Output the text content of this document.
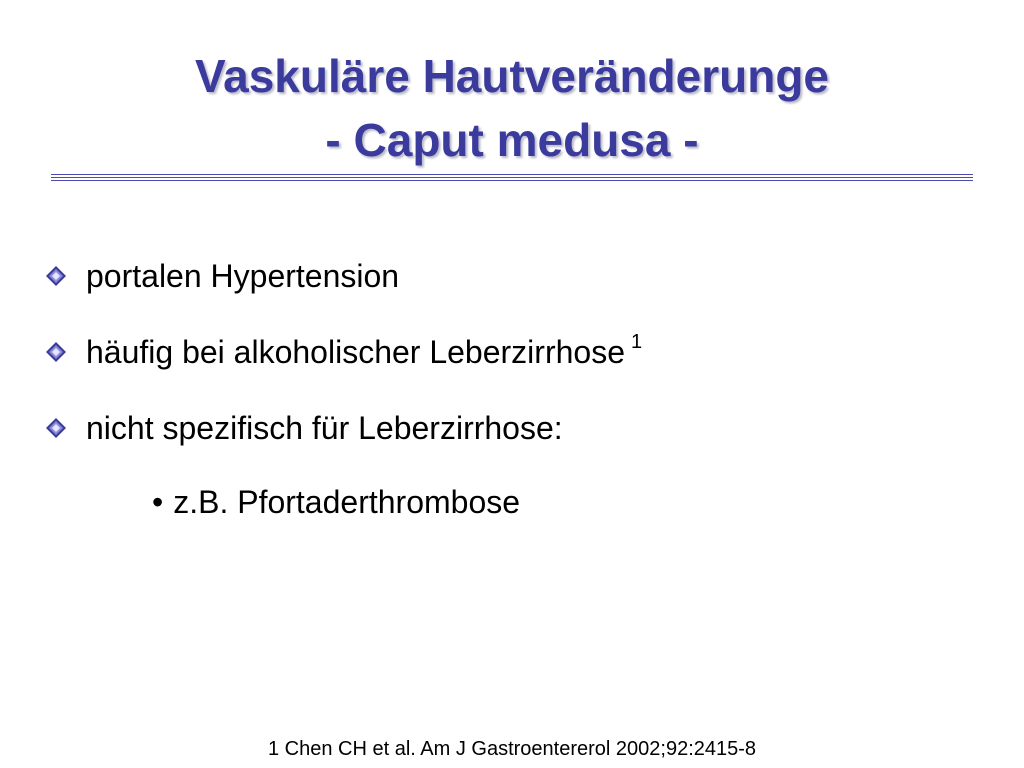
Vaskuläre Hautveränderunge
- Caput medusa -
portalen Hypertension
häufig bei alkoholischer Leberzirrhose $^1$
nicht spezifisch für Leberzirrhose:
• z.B. Pfortaderthrombose
1 Chen CH et al. Am J Gastroentererol 2002;92:2415-8
